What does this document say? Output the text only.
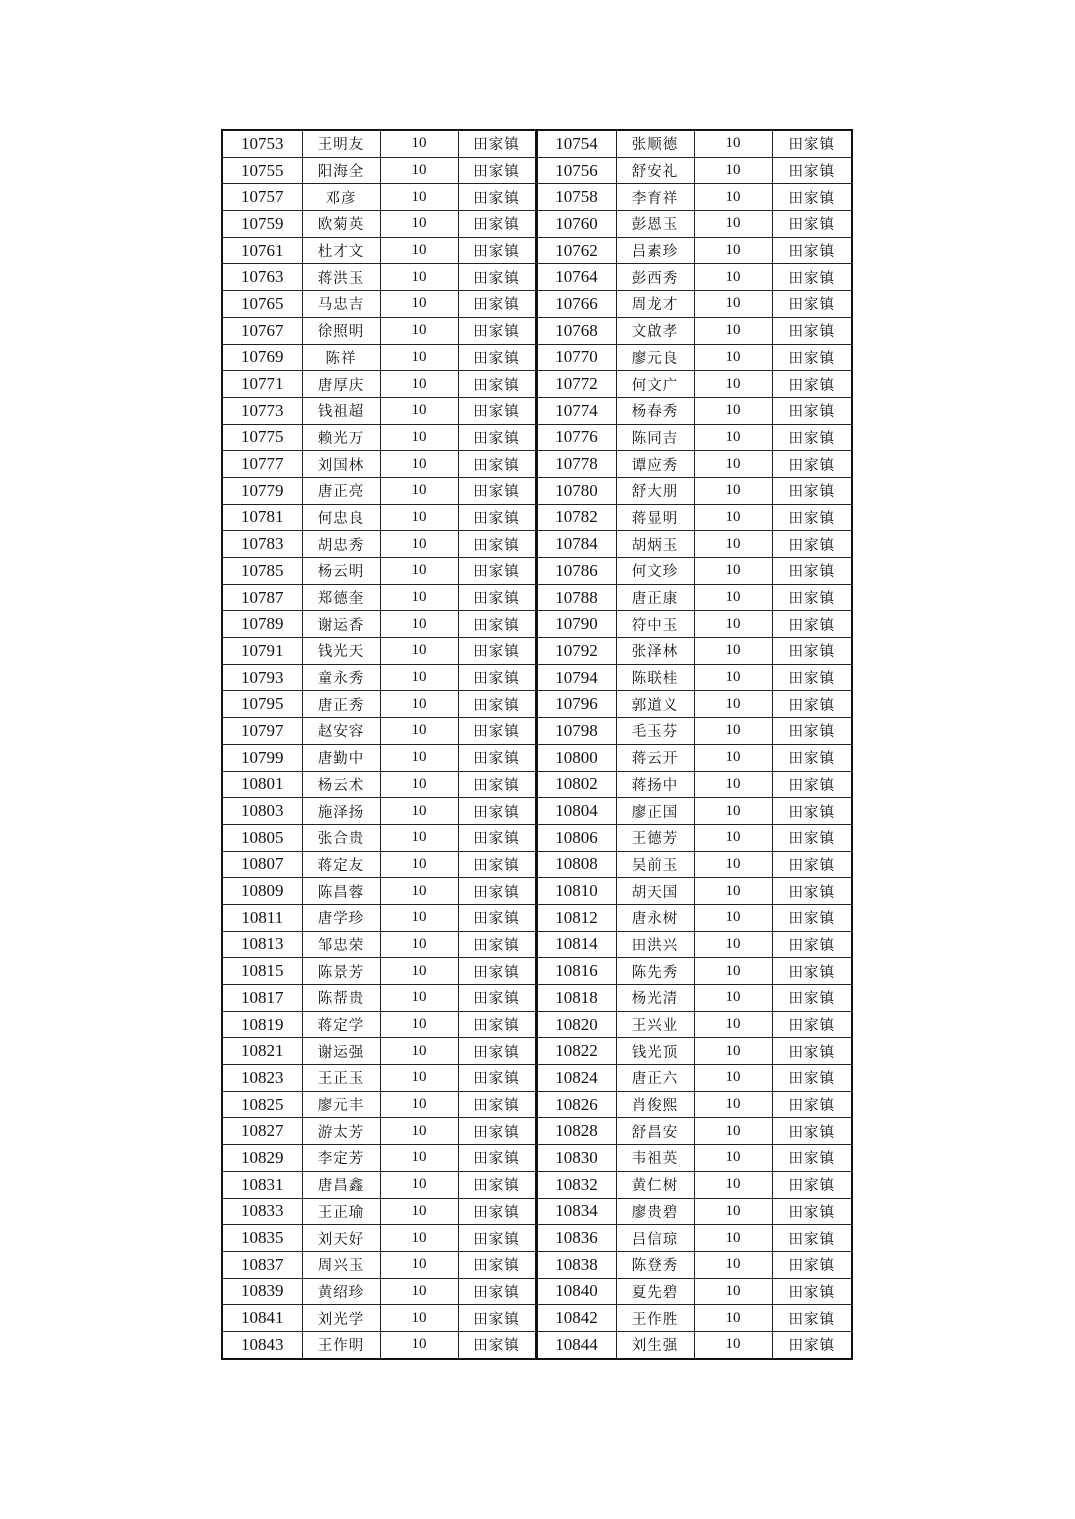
10753	王明友	10	田家镇	10754	张顺德	10	田家镇
10755	阳海全	10	田家镇	10756	舒安礼	10	田家镇
10757	邓彦	10	田家镇	10758	李育祥	10	田家镇
10759	欧菊英	10	田家镇	10760	彭恩玉	10	田家镇
10761	杜才文	10	田家镇	10762	吕素珍	10	田家镇
10763	蒋洪玉	10	田家镇	10764	彭西秀	10	田家镇
10765	马忠吉	10	田家镇	10766	周龙才	10	田家镇
10767	徐照明	10	田家镇	10768	文啟孝	10	田家镇
10769	陈祥	10	田家镇	10770	廖元良	10	田家镇
10771	唐厚庆	10	田家镇	10772	何文广	10	田家镇
10773	钱祖超	10	田家镇	10774	杨春秀	10	田家镇
10775	赖光万	10	田家镇	10776	陈同吉	10	田家镇
10777	刘国林	10	田家镇	10778	谭应秀	10	田家镇
10779	唐正亮	10	田家镇	10780	舒大朋	10	田家镇
10781	何忠良	10	田家镇	10782	蒋显明	10	田家镇
10783	胡忠秀	10	田家镇	10784	胡炳玉	10	田家镇
10785	杨云明	10	田家镇	10786	何文珍	10	田家镇
10787	郑德奎	10	田家镇	10788	唐正康	10	田家镇
10789	谢运香	10	田家镇	10790	符中玉	10	田家镇
10791	钱光天	10	田家镇	10792	张泽林	10	田家镇
10793	童永秀	10	田家镇	10794	陈联桂	10	田家镇
10795	唐正秀	10	田家镇	10796	郭道义	10	田家镇
10797	赵安容	10	田家镇	10798	毛玉芬	10	田家镇
10799	唐勤中	10	田家镇	10800	蒋云开	10	田家镇
10801	杨云术	10	田家镇	10802	蒋扬中	10	田家镇
10803	施泽扬	10	田家镇	10804	廖正国	10	田家镇
10805	张合贵	10	田家镇	10806	王德芳	10	田家镇
10807	蒋定友	10	田家镇	10808	吴前玉	10	田家镇
10809	陈昌蓉	10	田家镇	10810	胡天国	10	田家镇
10811	唐学珍	10	田家镇	10812	唐永树	10	田家镇
10813	邹忠荣	10	田家镇	10814	田洪兴	10	田家镇
10815	陈景芳	10	田家镇	10816	陈先秀	10	田家镇
10817	陈帮贵	10	田家镇	10818	杨光清	10	田家镇
10819	蒋定学	10	田家镇	10820	王兴业	10	田家镇
10821	谢运强	10	田家镇	10822	钱光顶	10	田家镇
10823	王正玉	10	田家镇	10824	唐正六	10	田家镇
10825	廖元丰	10	田家镇	10826	肖俊熙	10	田家镇
10827	游太芳	10	田家镇	10828	舒昌安	10	田家镇
10829	李定芳	10	田家镇	10830	韦祖英	10	田家镇
10831	唐昌鑫	10	田家镇	10832	黄仁树	10	田家镇
10833	王正瑜	10	田家镇	10834	廖贵碧	10	田家镇
10835	刘天好	10	田家镇	10836	吕信琼	10	田家镇
10837	周兴玉	10	田家镇	10838	陈登秀	10	田家镇
10839	黄绍珍	10	田家镇	10840	夏先碧	10	田家镇
10841	刘光学	10	田家镇	10842	王作胜	10	田家镇
10843	王作明	10	田家镇	10844	刘生强	10	田家镇
